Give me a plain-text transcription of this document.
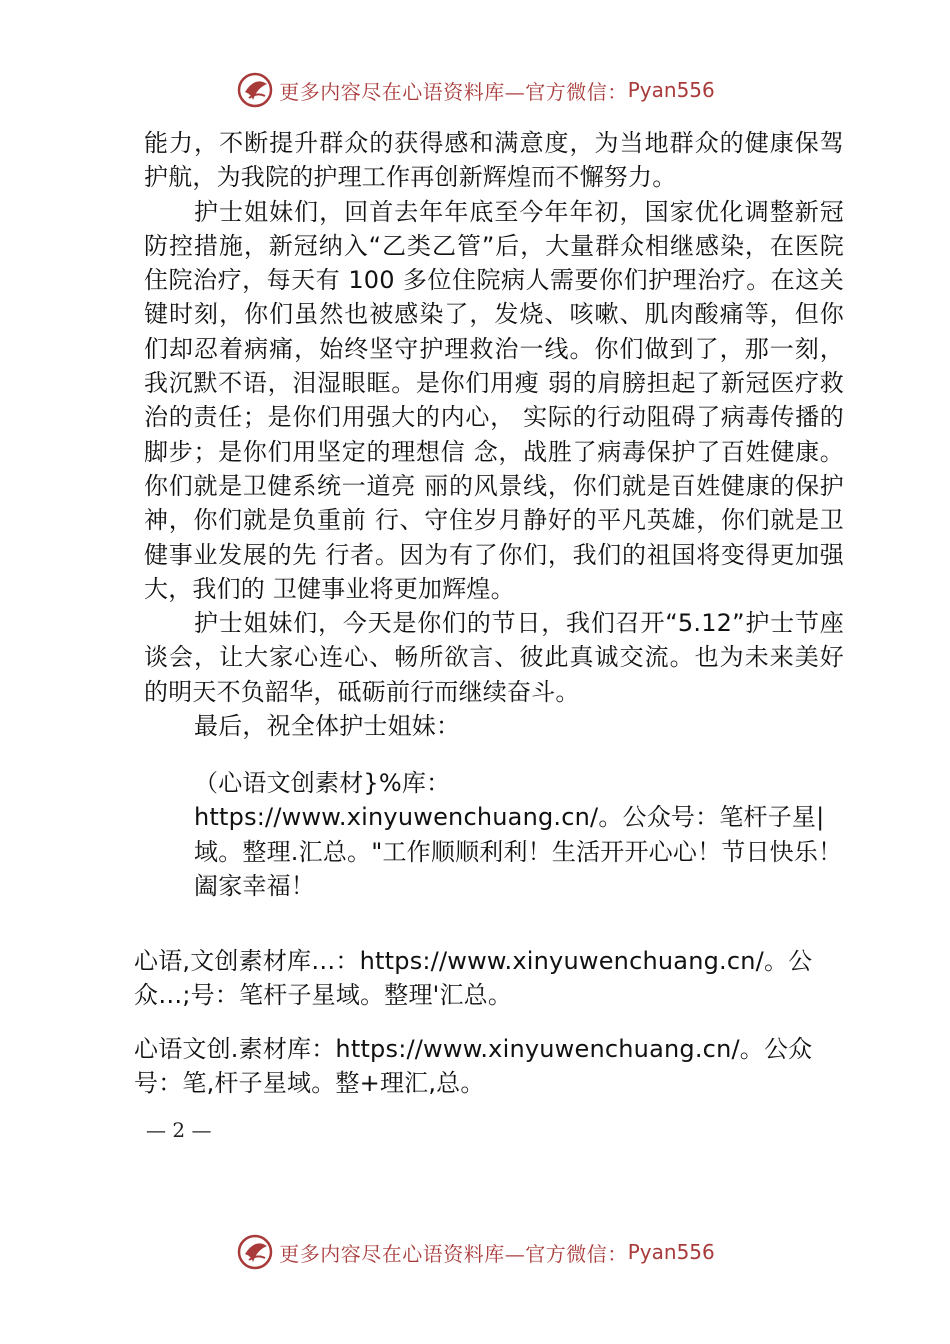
更多内容尽在心语资料库—官方微信： Pyan556

能力，不断提升群众的获得感和满意度，为当地群众的健康保驾护航，为我院的护理工作再创新辉煌而不懈努力。

护士姐妹们，回首去年年底至今年年初，国家优化调整新冠防控措施，新冠纳入“乙类乙管”后，大量群众相继感染，在医院住院治疗，每天有 100 多位住院病人需要你们护理治疗。在这关键时刻，你们虽然也被感染了，发烧、咳嗽、肌肉酸痛等，但你们却忍着病痛，始终坚守护理救治一线。你们做到了，那一刻，我沉默不语，泪湿眼眶。是你们用瘦 弱的肩膀担起了新冠医疗救治的责任；是你们用强大的内心， 实际的行动阻碍了病毒传播的脚步；是你们用坚定的理想信 念，战胜了病毒保护了百姓健康。你们就是卫健系统一道亮 丽的风景线，你们就是百姓健康的保护神，你们就是负重前 行、守住岁月静好的平凡英雄，你们就是卫健事业发展的先 行者。因为有了你们，我们的祖国将变得更加强大，我们的 卫健事业将更加辉煌。

护士姐妹们，今天是你们的节日，我们召开“5.12”护士节座谈会，让大家心连心、畅所欲言、彼此真诚交流。也为未来美好的明天不负韶华，砥砺前行而继续奋斗。

最后，祝全体护士姐妹：

（心语文创素材}%库：https://www.xinyuwenchuang.cn/。公众号：笔杆子星|域。整理.汇总。"工作顺顺利利！生活开开心心！节日快乐！阖家幸福！
心语,文创素材库…：https://www.xinyuwenchuang.cn/。公众…;号：笔杆子星域。整理'汇总。
心语文创.素材库：https://www.xinyuwenchuang.cn/。公众号：笔,杆子星域。整+理汇,总。
— 2 —
更多内容尽在心语资料库—官方微信： Pyan556
